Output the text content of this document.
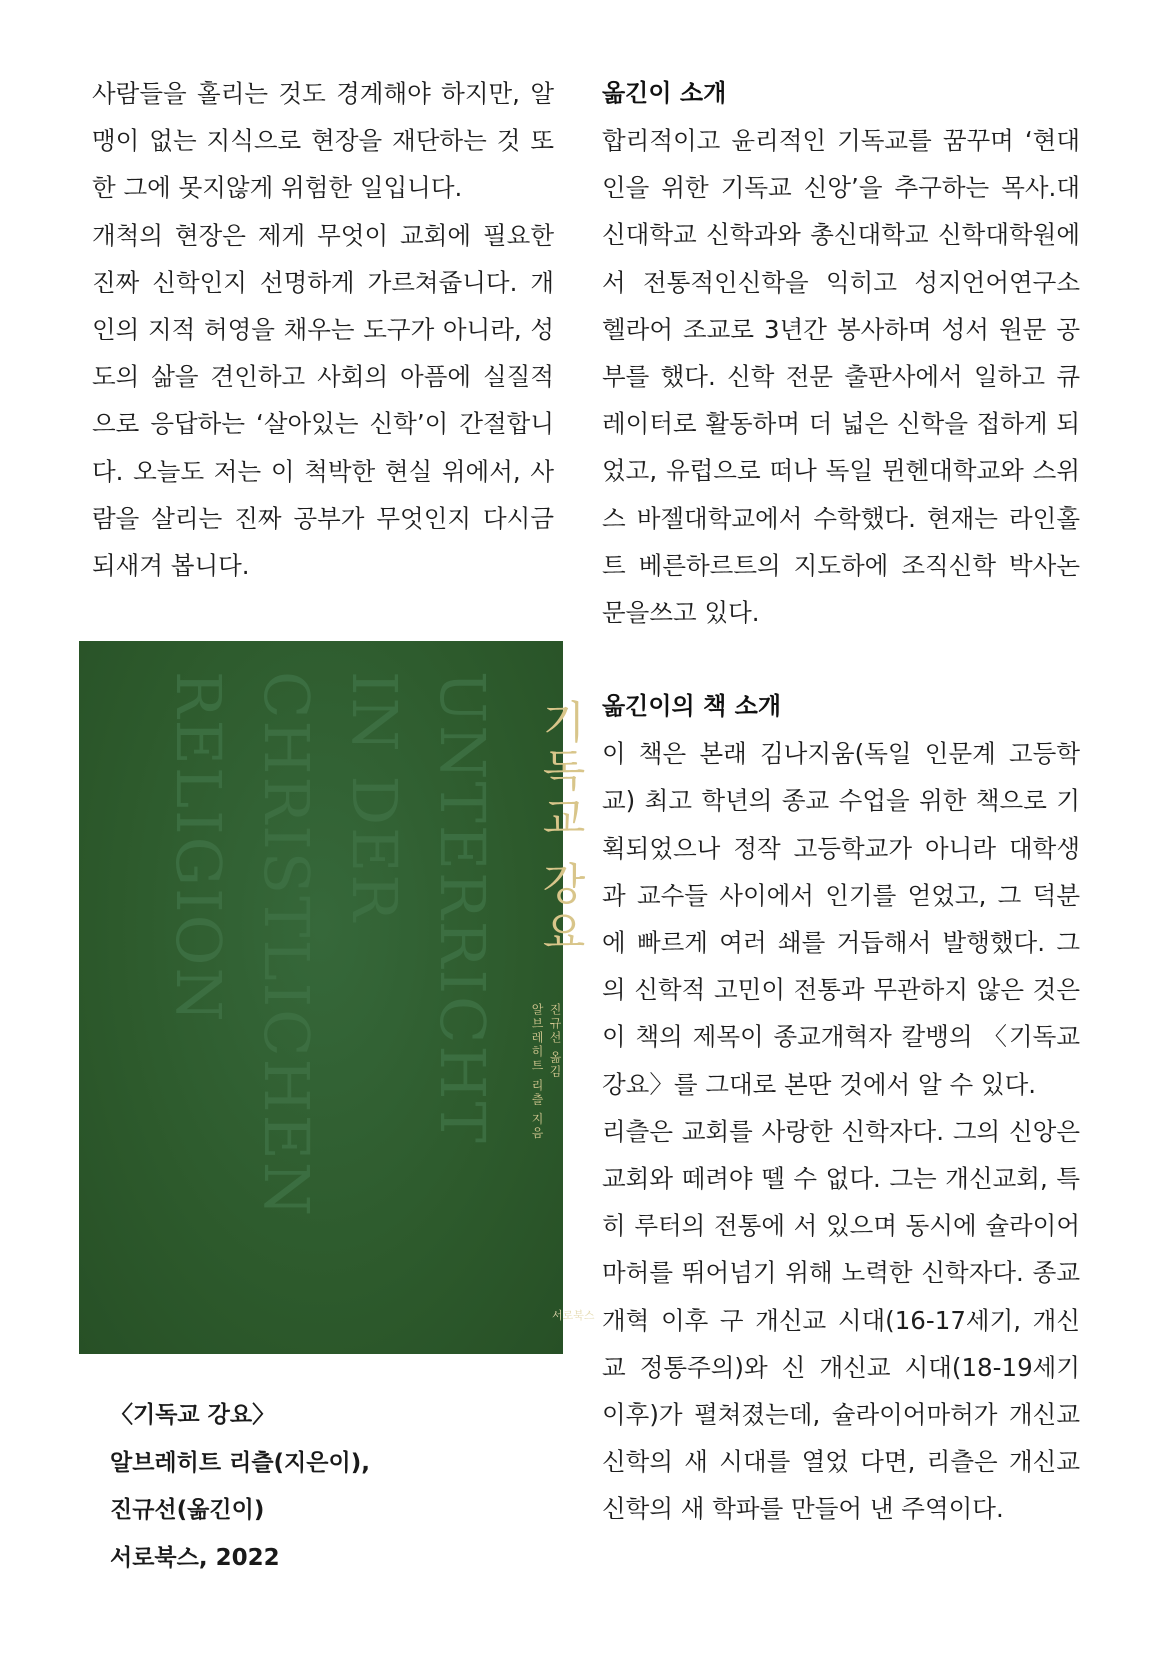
사람들을 홀리는 것도 경계해야 하지만, 알맹이 없는 지식으로 현장을 재단하는 것 또한 그에 못지않게 위험한 일입니다.

개척의 현장은 제게 무엇이 교회에 필요한 진짜 신학인지 선명하게 가르쳐줍니다. 개인의 지적 허영을 채우는 도구가 아니라, 성도의 삶을 견인하고 사회의 아픔에 실질적으로 응답하는 ‘살아있는 신학’이 간절합니다. 오늘도 저는 이 척박한 현실 위에서, 사람을 살리는 진짜 공부가 무엇인지 다시금 되새겨 봅니다.

UNTERRICHT
IN DER
CHRISTLICHEN
RELIGION	기독교 강요
진규선 옮김
알브레히트 리츨 지음
서로북스
〈기독교 강요〉
알브레히트 리츨(지은이),
진규선(옮긴이)
서로북스, 2022
옮긴이 소개

합리적이고 윤리적인 기독교를 꿈꾸며 ‘현대인을 위한 기독교 신앙’을 추구하는 목사.대신대학교 신학과와 총신대학교 신학대학원에서 전통적인신학을 익히고 성지언어연구소 헬라어 조교로 3년간 봉사하며 성서 원문 공부를 했다. 신학 전문 출판사에서 일하고 큐레이터로 활동하며 더 넓은 신학을 접하게 되었고, 유럽으로 떠나 독일 뮌헨대학교와 스위스 바젤대학교에서 수학했다. 현재는 라인홀트 베른하르트의 지도하에 조직신학 박사논문을쓰고 있다.

옮긴이의 책 소개

이 책은 본래 김나지움(독일 인문계 고등학교) 최고 학년의 종교 수업을 위한 책으로 기획되었으나 정작 고등학교가 아니라 대학생과 교수들 사이에서 인기를 얻었고, 그 덕분에 빠르게 여러 쇄를 거듭해서 발행했다. 그의 신학적 고민이 전통과 무관하지 않은 것은 이 책의 제목이 종교개혁자 칼뱅의 〈기독교 강요〉를 그대로 본딴 것에서 알 수 있다.

리츨은 교회를 사랑한 신학자다. 그의 신앙은 교회와 떼려야 뗄 수 없다. 그는 개신교회, 특히 루터의 전통에 서 있으며 동시에 슐라이어마허를 뛰어넘기 위해 노력한 신학자다. 종교개혁 이후 구 개신교 시대(16-17세기, 개신교 정통주의)와 신 개신교 시대(18-19세기 이후)가 펼쳐졌는데, 슐라이어마허가 개신교 신학의 새 시대를 열었 다면, 리츨은 개신교 신학의 새 학파를 만들어 낸 주역이다.
